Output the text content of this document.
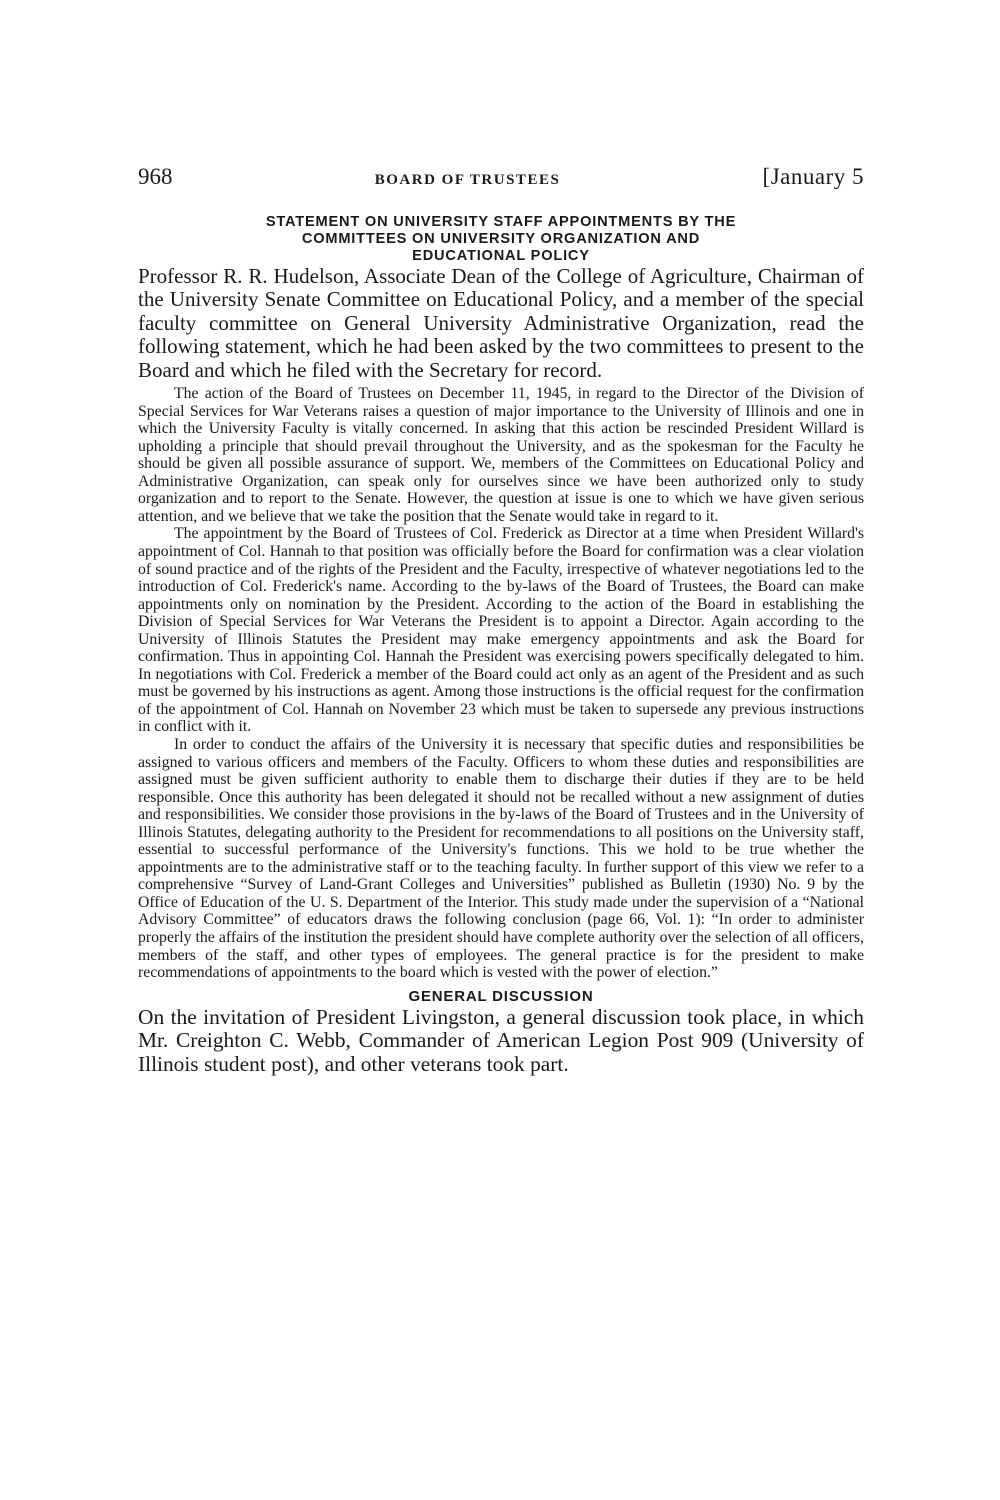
968	BOARD OF TRUSTEES	[January 5
STATEMENT ON UNIVERSITY STAFF APPOINTMENTS BY THE
COMMITTEES ON UNIVERSITY ORGANIZATION AND
EDUCATIONAL POLICY

Professor R. R. Hudelson, Associate Dean of the College of Agriculture, Chairman of the University Senate Committee on Educational Policy, and a member of the special faculty committee on General University Administrative Organization, read the following statement, which he had been asked by the two committees to present to the Board and which he filed with the Secretary for record.

The action of the Board of Trustees on December 11, 1945, in regard to the Director of the Division of Special Services for War Veterans raises a question of major importance to the University of Illinois and one in which the University Faculty is vitally concerned. In asking that this action be rescinded President Willard is upholding a principle that should prevail throughout the University, and as the spokesman for the Faculty he should be given all possible assurance of support. We, members of the Committees on Educational Policy and Administrative Organization, can speak only for ourselves since we have been authorized only to study organization and to report to the Senate. However, the question at issue is one to which we have given serious attention, and we believe that we take the position that the Senate would take in regard to it.

The appointment by the Board of Trustees of Col. Frederick as Director at a time when President Willard's appointment of Col. Hannah to that position was officially before the Board for confirmation was a clear violation of sound practice and of the rights of the President and the Faculty, irrespective of whatever negotiations led to the introduction of Col. Frederick's name. According to the by-laws of the Board of Trustees, the Board can make appointments only on nomination by the President. According to the action of the Board in establishing the Division of Special Services for War Veterans the President is to appoint a Director. Again according to the University of Illinois Statutes the President may make emergency appointments and ask the Board for confirmation. Thus in appointing Col. Hannah the President was exercising powers specifically delegated to him. In negotiations with Col. Frederick a member of the Board could act only as an agent of the President and as such must be governed by his instructions as agent. Among those instructions is the official request for the confirmation of the appointment of Col. Hannah on November 23 which must be taken to supersede any previous instructions in conflict with it.

In order to conduct the affairs of the University it is necessary that specific duties and responsibilities be assigned to various officers and members of the Faculty. Officers to whom these duties and responsibilities are assigned must be given sufficient authority to enable them to discharge their duties if they are to be held responsible. Once this authority has been delegated it should not be recalled without a new assignment of duties and responsibilities. We consider those provisions in the by-laws of the Board of Trustees and in the University of Illinois Statutes, delegating authority to the President for recommendations to all positions on the University staff, essential to successful performance of the University's functions. This we hold to be true whether the appointments are to the administrative staff or to the teaching faculty. In further support of this view we refer to a comprehensive “Survey of Land-Grant Colleges and Universities” published as Bulletin (1930) No. 9 by the Office of Education of the U. S. Department of the Interior. This study made under the supervision of a “National Advisory Committee” of educators draws the following conclusion (page 66, Vol. 1): “In order to administer properly the affairs of the institution the president should have complete authority over the selection of all officers, members of the staff, and other types of employees. The general practice is for the president to make recommendations of appointments to the board which is vested with the power of election.”

GENERAL DISCUSSION

On the invitation of President Livingston, a general discussion took place, in which Mr. Creighton C. Webb, Commander of American Legion Post 909 (University of Illinois student post), and other veterans took part.
